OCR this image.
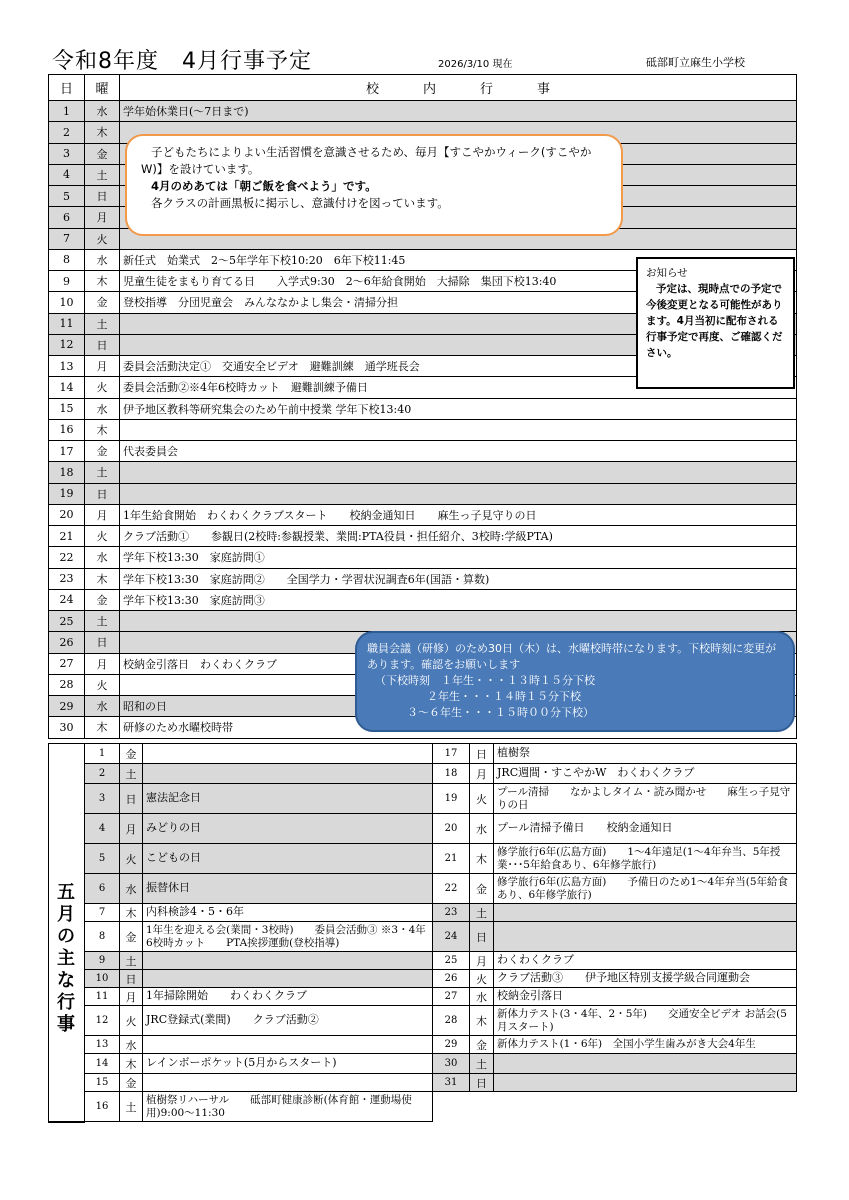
令和8年度　4月行事予定	2026/3/10 現在	砥部町立麻生小学校
日	曜	校内行事
1	水	学年始休業日(～7日まで)
2	木	
3	金	
4	土	
5	日	
6	月	
7	火	
8	水	新任式　始業式　2～5年学年下校10:20　6年下校11:45
9	木	児童生徒をまもり育てる日　　入学式9:30　2～6年給食開始　大掃除　集団下校13:40
10	金	登校指導　分団児童会　みんななかよし集会・清掃分担
11	土	
12	日	
13	月	委員会活動決定①　交通安全ビデオ　避難訓練　通学班長会
14	火	委員会活動②※4年6校時カット　避難訓練予備日
15	水	伊予地区教科等研究集会のため午前中授業 学年下校13:40
16	木	
17	金	代表委員会
18	土	
19	日	
20	月	1年生給食開始　わくわくクラブスタート　　校納金通知日　　麻生っ子見守りの日
21	火	クラブ活動①　　参観日(2校時:参観授業、業間:PTA役員・担任紹介、3校時:学級PTA)
22	水	学年下校13:30　家庭訪問①
23	木	学年下校13:30　家庭訪問②　　全国学力・学習状況調査6年(国語・算数)
24	金	学年下校13:30　家庭訪問③
25	土	
26	日	
27	月	校納金引落日　わくわくクラブ
28	火	
29	水	昭和の日
30	木	研修のため水曜校時帯
	1	金		17	日	植樹祭
	2	土		18	月	JRC週間・すこやかW　わくわくクラブ
	3	日	憲法記念日	19	火	プール清掃　　なかよしタイム・読み聞かせ　　麻生っ子見守りの日
	4	月	みどりの日	20	水	プール清掃予備日　　校納金通知日
	5	火	こどもの日	21	木	修学旅行6年(広島方面)　　1～4年遠足(1～4年弁当、5年授業･･･5年給食あり、6年修学旅行)
	6	水	振替休日	22	金	修学旅行6年(広島方面)　　予備日のため1～4年弁当(5年給食あり、6年修学旅行)
	7	木	内科検診4・5・6年	23	土	
	8	金	1年生を迎える会(業間・3校時)　　委員会活動③ ※3・4年6校時カット　　PTA挨拶運動(登校指導)	24	日	
	9	土		25	月	わくわくクラブ
	10	日		26	火	クラブ活動③　　伊予地区特別支援学級合同運動会
	11	月	1年掃除開始　　わくわくクラブ	27	水	校納金引落日
	12	火	JRC登録式(業間)　　クラブ活動②	28	木	新体力テスト(3・4年、2・5年)　　交通安全ビデオ お話会(5月スタート)
	13	水		29	金	新体力テスト(1・6年)　全国小学生歯みがき大会4年生
	14	木	レインボーポケット(5月からスタート)	30	土	
	15	金		31	日	
	16	土	植樹祭リハーサル　　砥部町健康診断(体育館・運動場使用)9:00～11:30			
五
月
の
主
な
行
事
子どもたちによりよい生活習慣を意識させるため、毎月【すこやかウィーク(すこやかW)】を設けています。
4月のめあては「朝ご飯を食べよう」です。
各クラスの計画黒板に掲示し、意識付けを図っています。
お知らせ
予定は、現時点での予定で今後変更となる可能性があります。4月当初に配布される行事予定で再度、ご確認ください。
職員会議（研修）のため30日（木）は、水曜校時帯になります。下校時刻に変更があります。確認をお願いします
（下校時刻　１年生・・・１３時１５分下校
２年生・・・１４時１５分下校
３～６年生・・・１５時００分下校）
